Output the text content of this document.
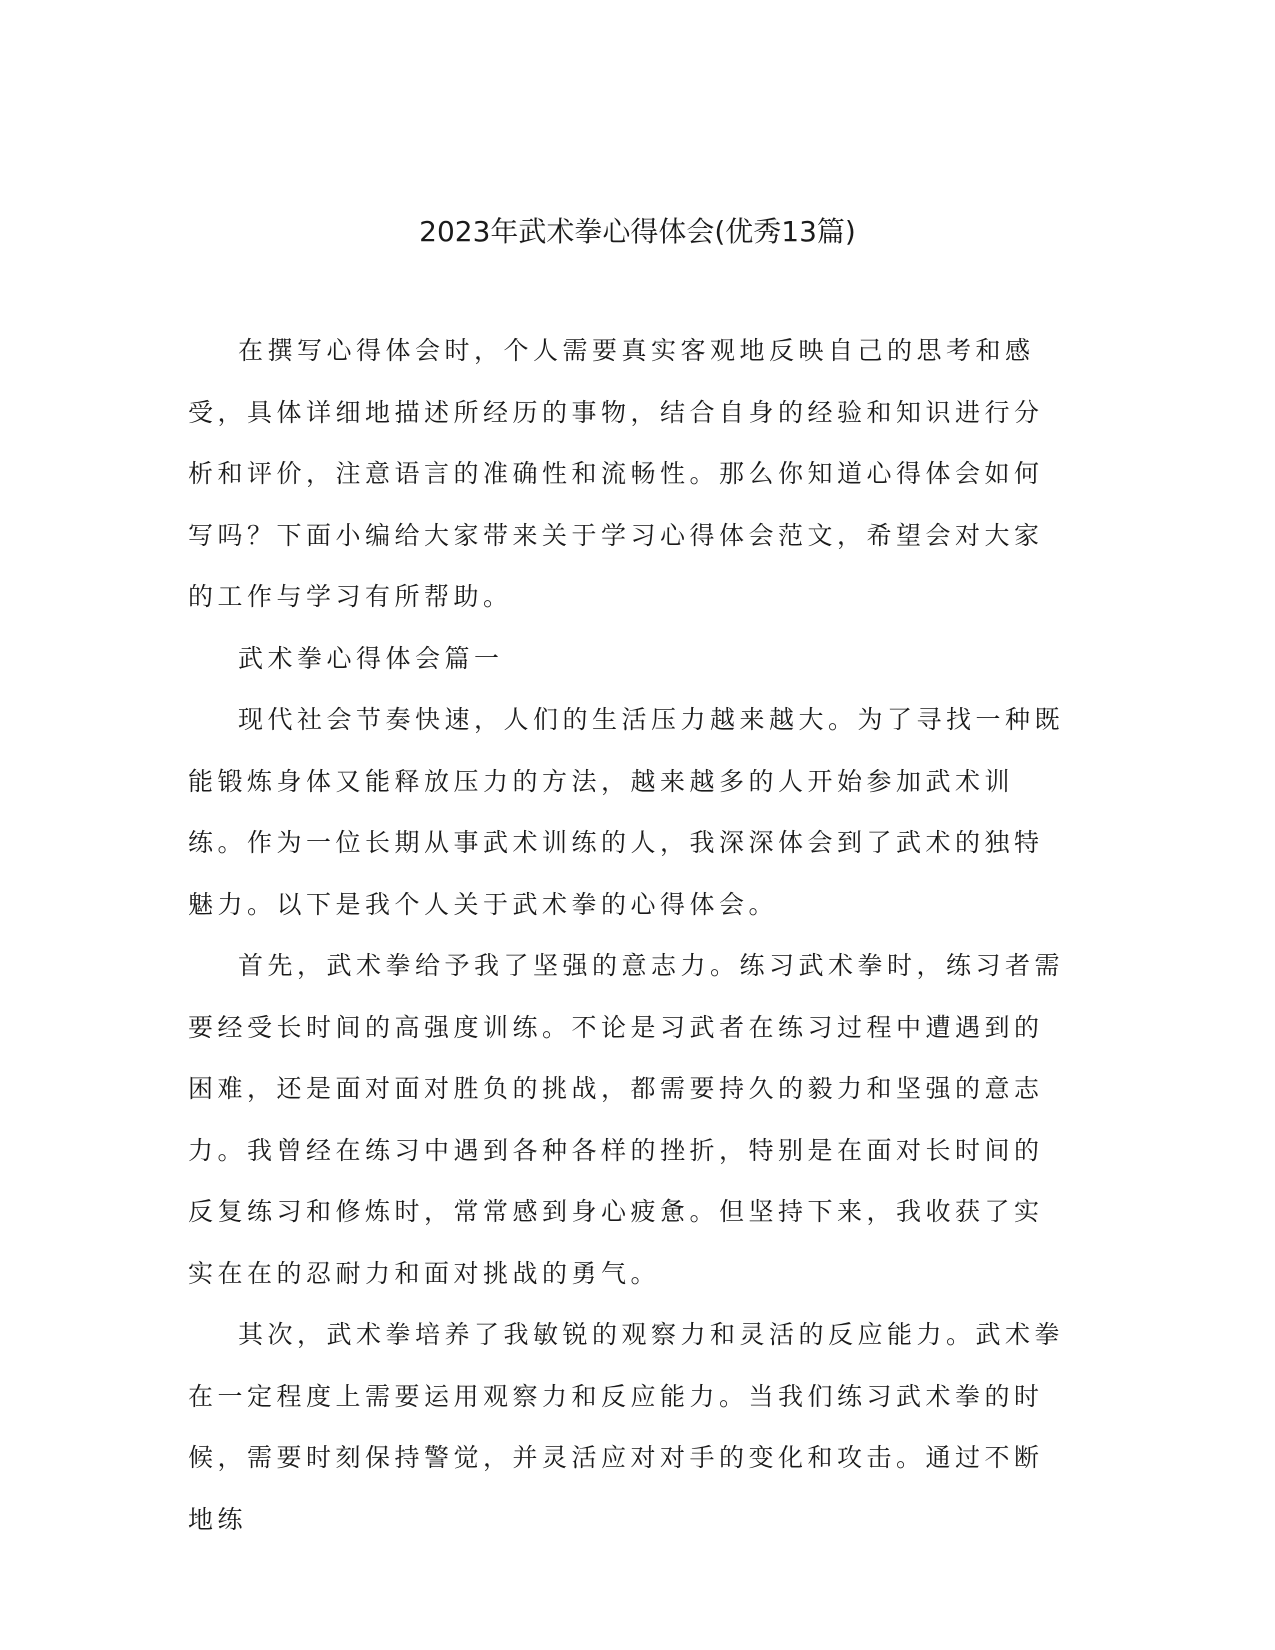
2023年武术拳心得体会(优秀13篇)

在撰写心得体会时，个人需要真实客观地反映自己的思考和感受，具体详细地描述所经历的事物，结合自身的经验和知识进行分析和评价，注意语言的准确性和流畅性。那么你知道心得体会如何写吗？下面小编给大家带来关于学习心得体会范文，希望会对大家的工作与学习有所帮助。

武术拳心得体会篇一

现代社会节奏快速，人们的生活压力越来越大。为了寻找一种既能锻炼身体又能释放压力的方法，越来越多的人开始参加武术训练。作为一位长期从事武术训练的人，我深深体会到了武术的独特魅力。以下是我个人关于武术拳的心得体会。

首先，武术拳给予我了坚强的意志力。练习武术拳时，练习者需要经受长时间的高强度训练。不论是习武者在练习过程中遭遇到的困难，还是面对面对胜负的挑战，都需要持久的毅力和坚强的意志力。我曾经在练习中遇到各种各样的挫折，特别是在面对长时间的反复练习和修炼时，常常感到身心疲惫。但坚持下来，我收获了实实在在的忍耐力和面对挑战的勇气。

其次，武术拳培养了我敏锐的观察力和灵活的反应能力。武术拳在一定程度上需要运用观察力和反应能力。当我们练习武术拳的时候，需要时刻保持警觉，并灵活应对对手的变化和攻击。通过不断地练
